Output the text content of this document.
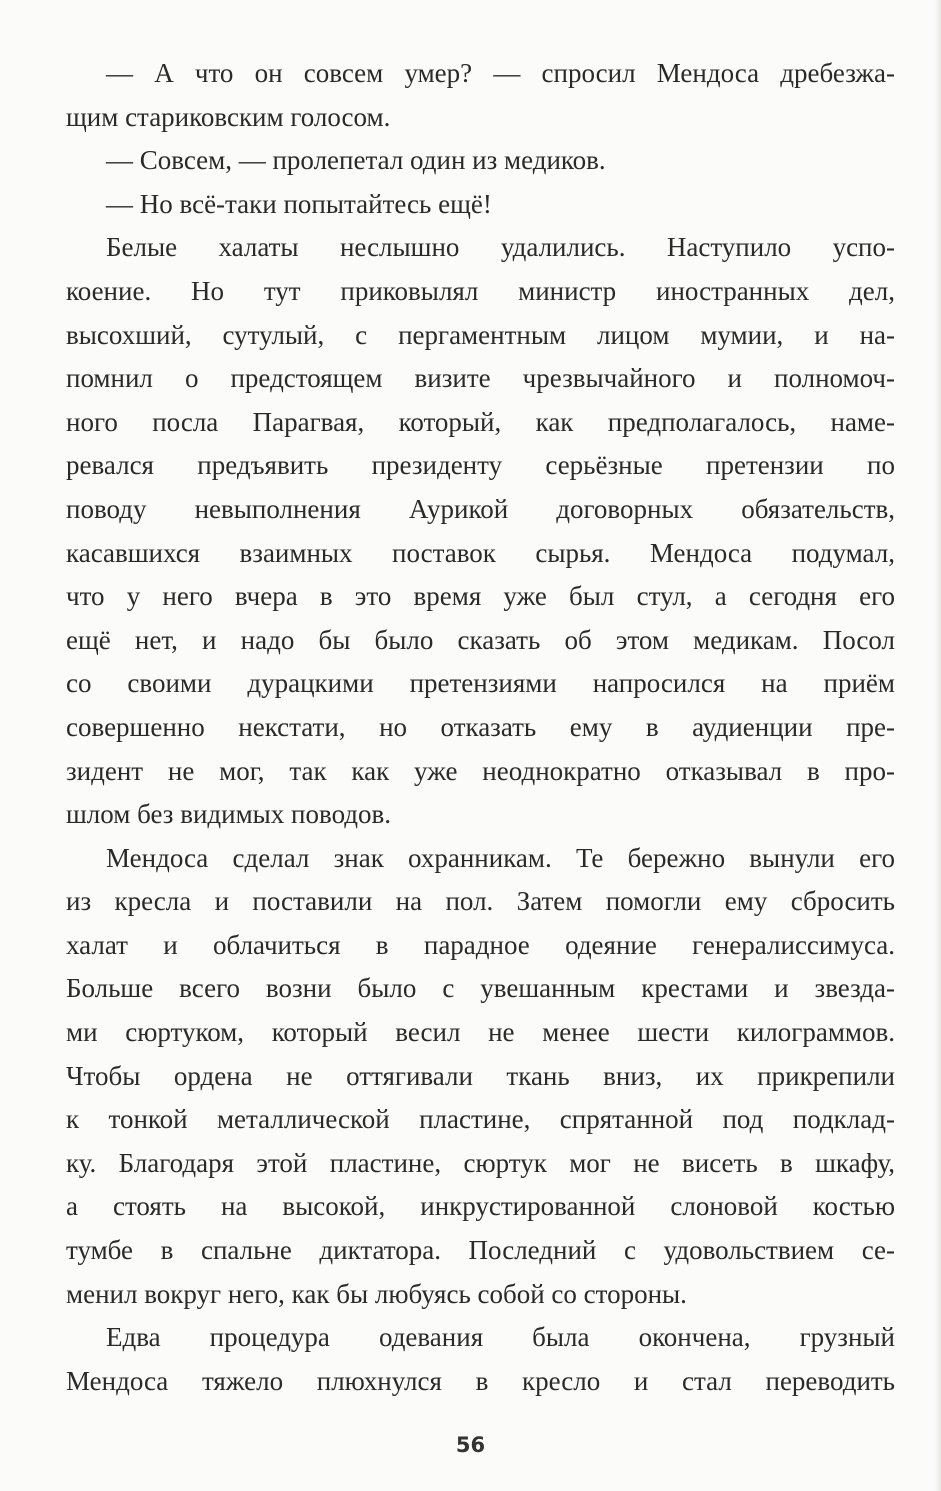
— А что он совсем умер? — спросил Мендоса дребезжа-
щим стариковским голосом.
— Совсем, — пролепетал один из медиков.
— Но всё-таки попытайтесь ещё!
Белые халаты неслышно удалились. Наступило успо-
коение. Но тут приковылял министр иностранных дел,
высохший, сутулый, с пергаментным лицом мумии, и на-
помнил о предстоящем визите чрезвычайного и полномоч-
ного посла Парагвая, который, как предполагалось, наме-
ревался предъявить президенту серьёзные претензии по
поводу невыполнения Аурикой договорных обязательств,
касавшихся взаимных поставок сырья. Мендоса подумал,
что у него вчера в это время уже был стул, а сегодня его
ещё нет, и надо бы было сказать об этом медикам. Посол
со своими дурацкими претензиями напросился на приём
совершенно некстати, но отказать ему в аудиенции пре-
зидент не мог, так как уже неоднократно отказывал в про-
шлом без видимых поводов.
Мендоса сделал знак охранникам. Те бережно вынули его
из кресла и поставили на пол. Затем помогли ему сбросить
халат и облачиться в парадное одеяние генералиссимуса.
Больше всего возни было с увешанным крестами и звезда-
ми сюртуком, который весил не менее шести килограммов.
Чтобы ордена не оттягивали ткань вниз, их прикрепили
к тонкой металлической пластине, спрятанной под подклад-
ку. Благодаря этой пластине, сюртук мог не висеть в шкафу,
а стоять на высокой, инкрустированной слоновой костью
тумбе в спальне диктатора. Последний с удовольствием се-
менил вокруг него, как бы любуясь собой со стороны.
Едва процедура одевания была окончена, грузный
Мендоса тяжело плюхнулся в кресло и стал переводить
56
